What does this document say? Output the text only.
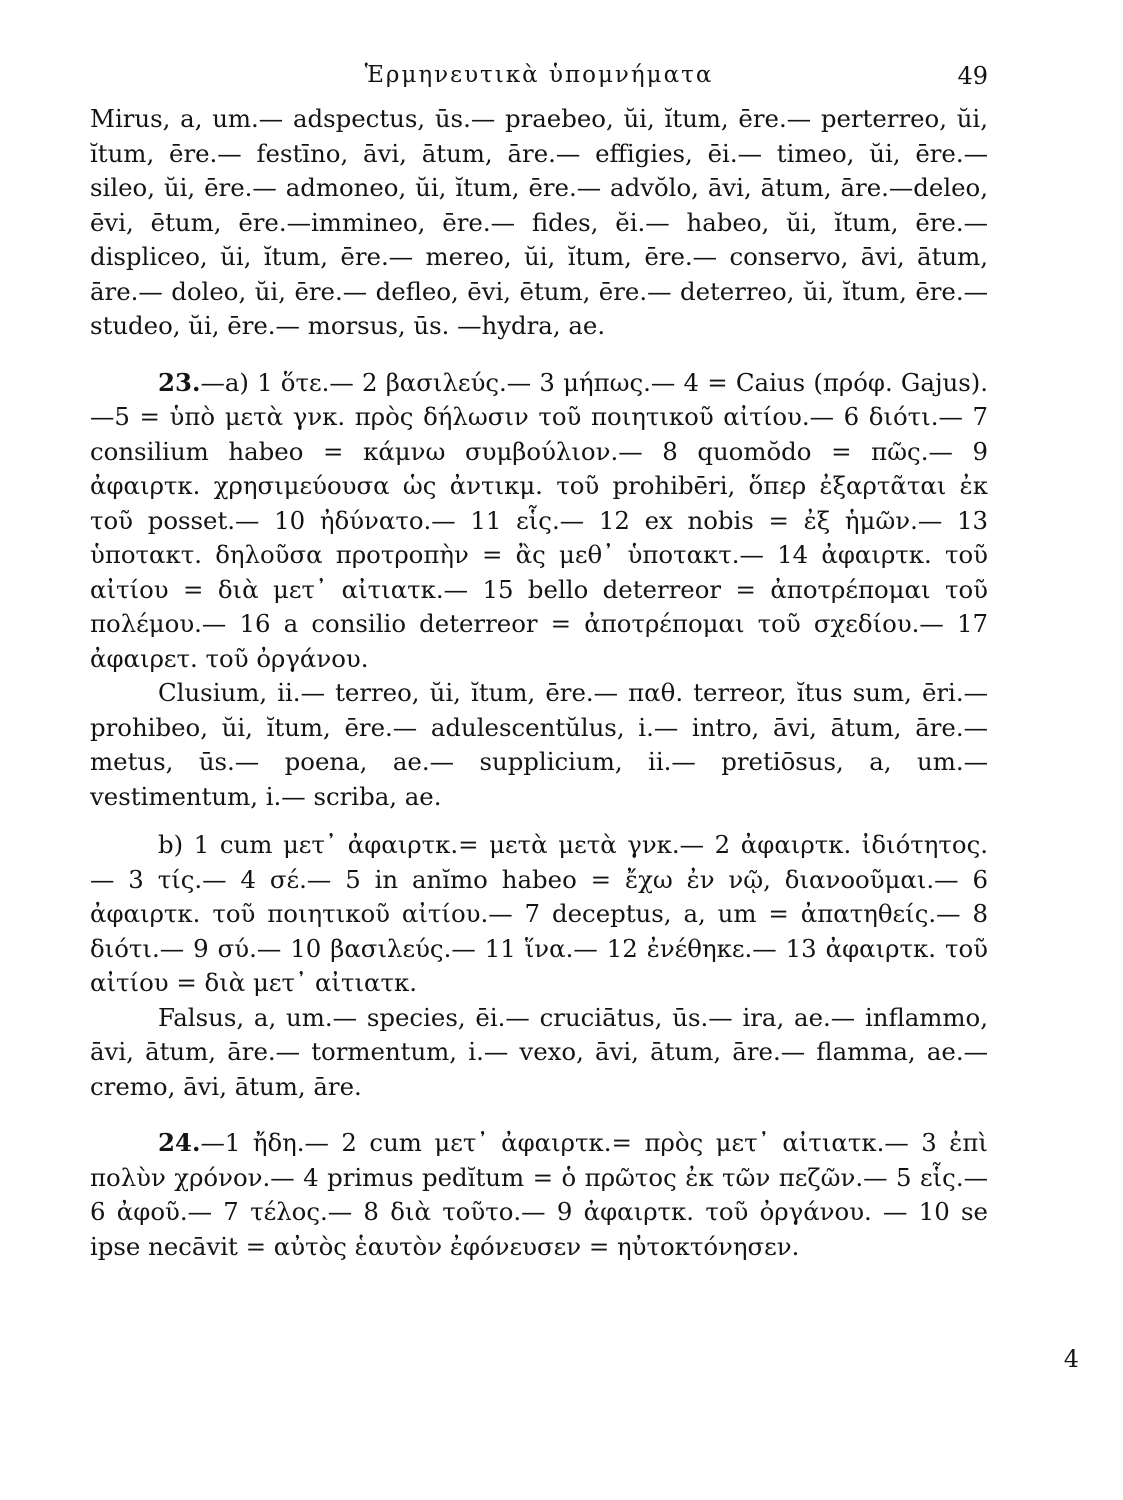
Ἑρμηνευτικὰ ὑπομνήματα	49

Mirus, a, um.— adspectus, ūs.— praebeo, ŭi, ĭtum, ēre.— perterreo, ŭi, ĭtum, ēre.— festīno, āvi, ātum, āre.— effigies, ēi.— timeo, ŭi, ēre.— sileo, ŭi, ēre.— admoneo, ŭi, ĭtum, ēre.— advŏlo, āvi, ātum, āre.—deleo, ēvi, ētum, ēre.—immineo, ēre.— fides, ĕi.— habeo, ŭi, ĭtum, ēre.— displiceo, ŭi, ĭtum, ēre.— mereo, ŭi, ĭtum, ēre.— conservo, āvi, ātum, āre.— doleo, ŭi, ēre.— defleo, ēvi, ētum, ēre.— deterreo, ŭi, ĭtum, ēre.—studeo, ŭi, ēre.— morsus, ūs. —hydra, ae.

23.—a) 1 ὅτε.— 2 βασιλεύς.— 3 μήπως.— 4 = Caius (πρόφ. Gajus).—5 = ὑπὸ μετὰ γνκ. πρὸς δήλωσιν τοῦ ποιητικοῦ αἰτίου.— 6 διότι.— 7 consilium habeo = κάμνω συμβούλιον.— 8 quomŏdo = πῶς.— 9 ἀφαιρτκ. χρησιμεύουσα ὡς ἀντικμ. τοῦ prohibēri, ὅπερ ἐξαρτᾶται ἐκ τοῦ posset.— 10 ἠδύνατο.— 11 εἷς.— 12 ex nobis = ἐξ ἡμῶν.— 13 ὑποτακτ. δηλοῦσα προτροπὴν = ἂς μεθ᾽ ὑποτακτ.— 14 ἀφαιρτκ. τοῦ αἰτίου = διὰ μετ᾽ αἰτιατκ.— 15 bello deterreor = ἀποτρέπομαι τοῦ πολέμου.— 16 a consilio deterreor = ἀποτρέπομαι τοῦ σχεδίου.— 17 ἀφαιρετ. τοῦ ὀργάνου.

Clusium, ii.— terreo, ŭi, ĭtum, ēre.— παθ. terreor, ĭtus sum, ēri.— prohibeo, ŭi, ĭtum, ēre.— adulescentŭlus, i.— intro, āvi, ātum, āre.— metus, ūs.— poena, ae.— supplicium, ii.— pretiōsus, a, um.— vestimentum, i.— scriba, ae.

b) 1 cum μετ᾽ ἀφαιρτκ.= μετὰ μετὰ γνκ.— 2 ἀφαιρτκ. ἰδιότητος. — 3 τίς.— 4 σέ.— 5 in anĭmo habeo = ἔχω ἐν νῷ, διανοοῦμαι.— 6 ἀφαιρτκ. τοῦ ποιητικοῦ αἰτίου.— 7 deceptus, a, um = ἀπατηθείς.— 8 διότι.— 9 σύ.— 10 βασιλεύς.— 11 ἵνα.— 12 ἐνέθηκε.— 13 ἀφαιρτκ. τοῦ αἰτίου = διὰ μετ᾽ αἰτιατκ.

Falsus, a, um.— species, ēi.— cruciātus, ūs.— ira, ae.— inflammo, āvi, ātum, āre.— tormentum, i.— vexo, āvi, ātum, āre.— flamma, ae.— cremo, āvi, ātum, āre.

24.—1 ἤδη.— 2 cum μετ᾽ ἀφαιρτκ.= πρὸς μετ᾽ αἰτιατκ.— 3 ἐπὶ πολὺν χρόνον.— 4 primus pedĭtum = ὁ πρῶτος ἐκ τῶν πεζῶν.— 5 εἷς.— 6 ἀφοῦ.— 7 τέλος.— 8 διὰ τοῦτο.— 9 ἀφαιρτκ. τοῦ ὀργάνου. — 10 se ipse necāvit = αὐτὸς ἑαυτὸν ἐφόνευσεν = ηὐτοκτόνησεν.

4
